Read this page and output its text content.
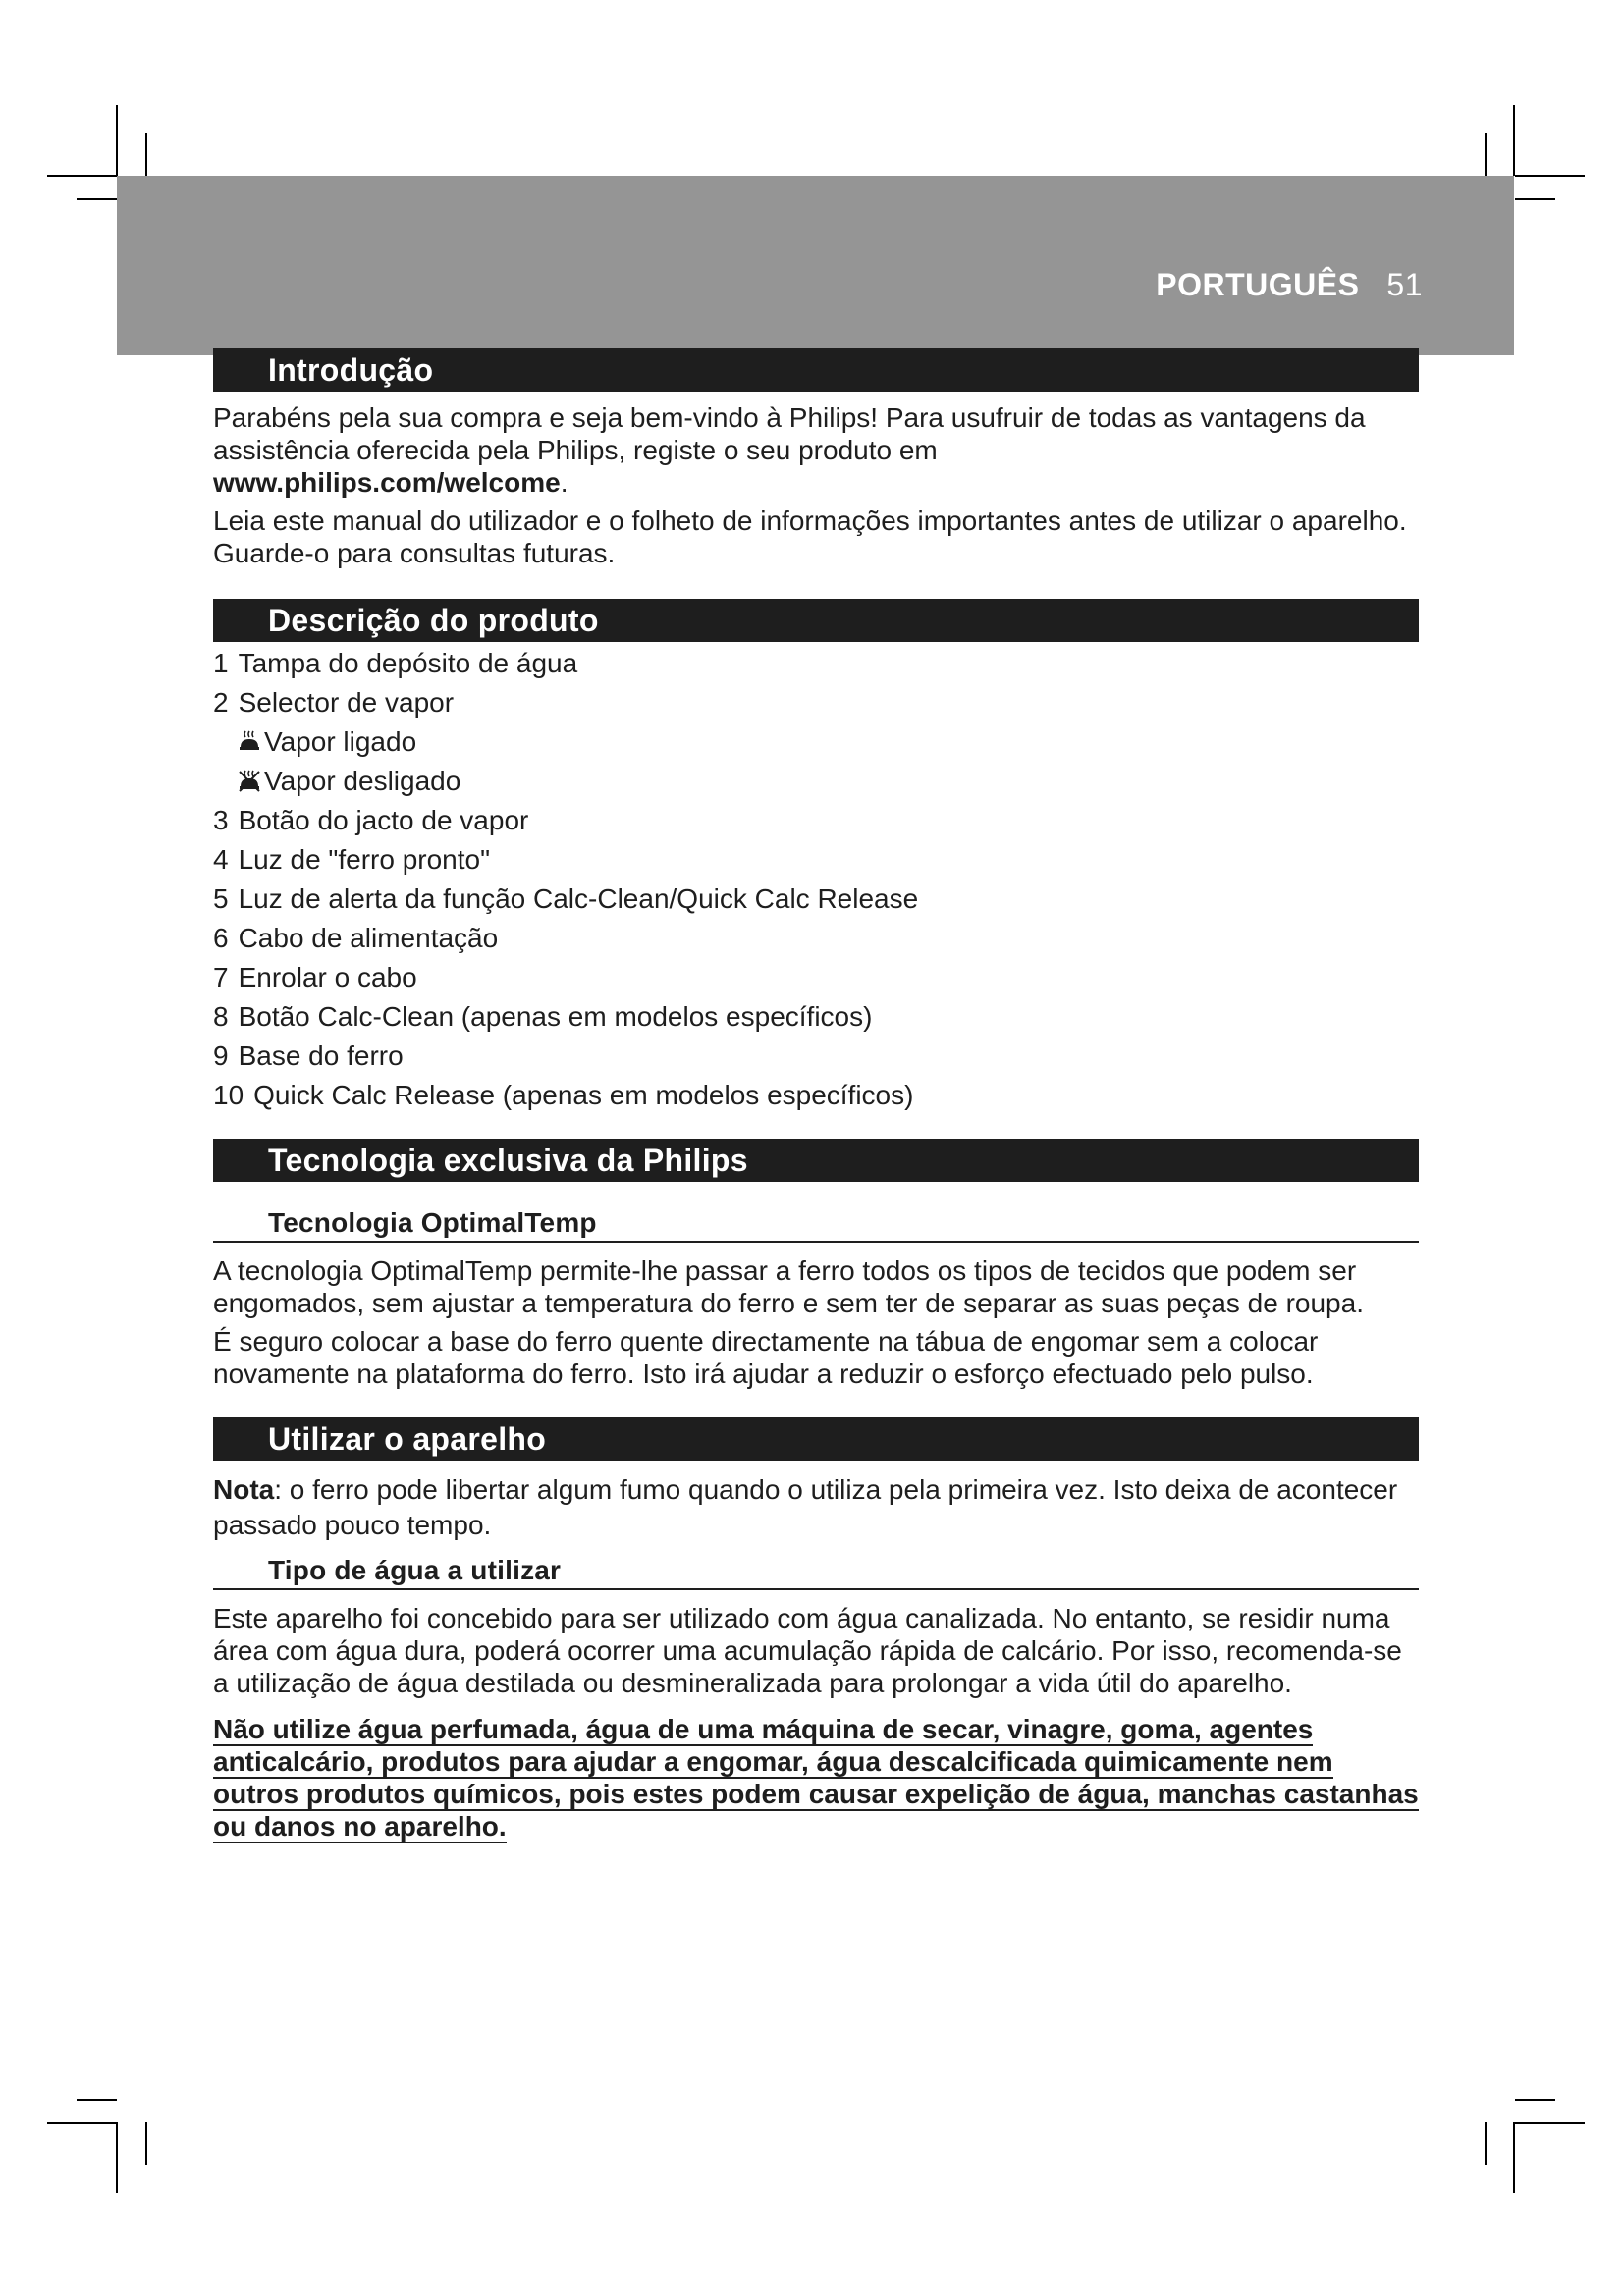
PORTUGUÊS 51
Introdução

Parabéns pela sua compra e seja bem-vindo à Philips! Para usufruir de todas as vantagens da assistência oferecida pela Philips, registe o seu produto em
www.philips.com/welcome.

Leia este manual do utilizador e o folheto de informações importantes antes de utilizar o aparelho. Guarde-o para consultas futuras.

Descrição do produto
1 Tampa do depósito de água
2 Selector de vapor
Vapor ligado
Vapor desligado
3 Botão do jacto de vapor
4 Luz de "ferro pronto"
5 Luz de alerta da função Calc-Clean/Quick Calc Release
6 Cabo de alimentação
7 Enrolar o cabo
8 Botão Calc-Clean (apenas em modelos específicos)
9 Base do ferro
10 Quick Calc Release (apenas em modelos específicos)
Tecnologia exclusiva da Philips
Tecnologia OptimalTemp

A tecnologia OptimalTemp permite-lhe passar a ferro todos os tipos de tecidos que podem ser engomados, sem ajustar a temperatura do ferro e sem ter de separar as suas peças de roupa.

É seguro colocar a base do ferro quente directamente na tábua de engomar sem a colocar novamente na plataforma do ferro. Isto irá ajudar a reduzir o esforço efectuado pelo pulso.

Utilizar o aparelho

Nota: o ferro pode libertar algum fumo quando o utiliza pela primeira vez. Isto deixa de acontecer passado pouco tempo.

Tipo de água a utilizar

Este aparelho foi concebido para ser utilizado com água canalizada. No entanto, se residir numa área com água dura, poderá ocorrer uma acumulação rápida de calcário. Por isso, recomenda-se a utilização de água destilada ou desmineralizada para prolongar a vida útil do aparelho.

Não utilize água perfumada, água de uma máquina de secar, vinagre, goma, agentes anticalcário, produtos para ajudar a engomar, água descalcificada quimicamente nem outros produtos químicos, pois estes podem causar expelição de água, manchas castanhas ou danos no aparelho.
